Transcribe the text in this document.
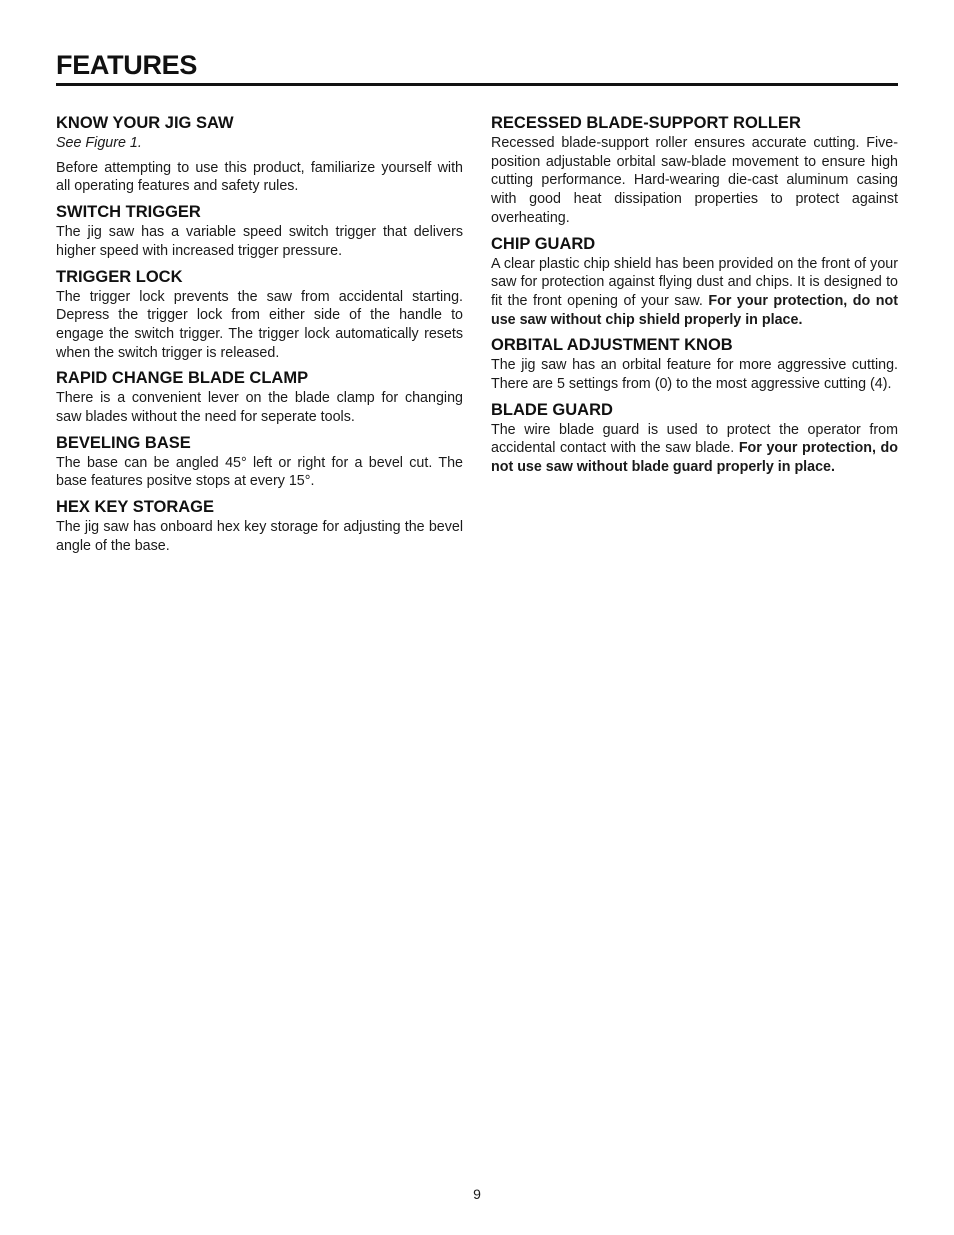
FEATURES
KNOW YOUR JIG SAW

See Figure 1.

Before attempting to use this product, familiarize yourself with all operating features and safety rules.

SWITCH TRIGGER

The jig saw has a variable speed switch trigger that delivers higher speed with increased trigger pressure.

TRIGGER LOCK

The trigger lock prevents the saw from accidental starting. Depress the trigger lock from either side of the handle to engage the switch trigger. The trigger lock automatically resets when the switch trigger is released.

RAPID CHANGE BLADE CLAMP

There is a convenient lever on the blade clamp for changing saw blades without the need for seperate tools.

BEVELING BASE

The base can be angled 45° left or right for a bevel cut. The base features positve stops at every 15°.

HEX KEY STORAGE

The jig saw has onboard hex key storage for adjusting the bevel angle of the base.

RECESSED BLADE-SUPPORT ROLLER

Recessed blade-support roller ensures accurate cutting. Five-position adjustable orbital saw-blade movement to ensure high cutting performance. Hard-wearing die-cast aluminum casing with good heat dissipation properties to protect against overheating.

CHIP GUARD

A clear plastic chip shield has been provided on the front of your saw for protection against flying dust and chips. It is designed to fit the front opening of your saw. For your protection, do not use saw without chip shield properly in place.

ORBITAL ADJUSTMENT KNOB

The jig saw has an orbital feature for more aggressive cutting. There are 5 settings from (0) to the most aggressive cutting (4).

BLADE GUARD

The wire blade guard is used to protect the operator from accidental contact with the saw blade. For your protection, do not use saw without blade guard properly in place.

9
